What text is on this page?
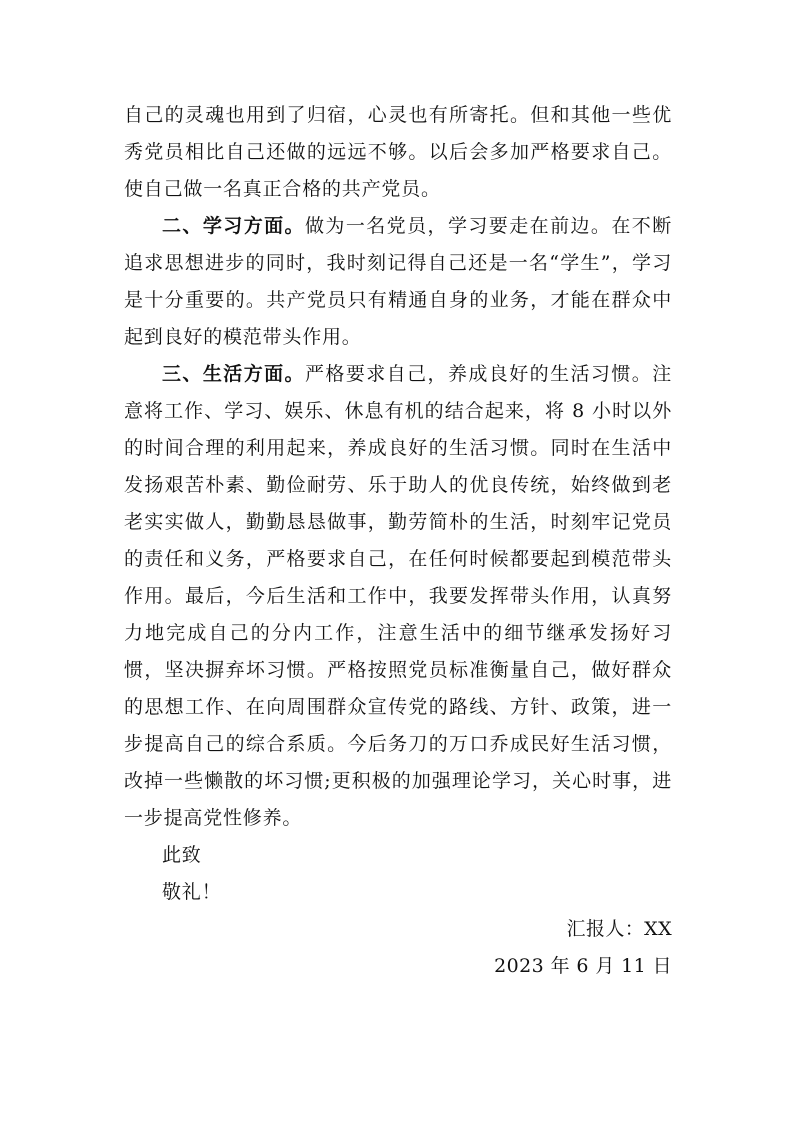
自己的灵魂也用到了归宿，心灵也有所寄托。但和其他一些优秀党员相比自己还做的远远不够。以后会多加严格要求自己。使自己做一名真正合格的共产党员。

二、学习方面。做为一名党员，学习要走在前边。在不断追求思想进步的同时，我时刻记得自己还是一名“学生”，学习是十分重要的。共产党员只有精通自身的业务，才能在群众中起到良好的模范带头作用。

三、生活方面。严格要求自己，养成良好的生活习惯。注意将工作、学习、娱乐、休息有机的结合起来，将 8 小时以外的时间合理的利用起来，养成良好的生活习惯。同时在生活中发扬艰苦朴素、勤俭耐劳、乐于助人的优良传统，始终做到老老实实做人，勤勤恳恳做事，勤劳简朴的生活，时刻牢记党员的责任和义务，严格要求自己，在任何时候都要起到模范带头作用。最后，今后生活和工作中，我要发挥带头作用，认真努力地完成自己的分内工作，注意生活中的细节继承发扬好习惯，坚决摒弃坏习惯。严格按照党员标准衡量自己，做好群众的思想工作、在向周围群众宣传党的路线、方针、政策，进一步提高自己的综合系质。今后务刀的万口乔成民好生活习惯，改掉一些懒散的坏习惯;更积极的加强理论学习，关心时事，进一步提高党性修养。

此致

敬礼！

汇报人：XX

2023 年 6 月 11 日
